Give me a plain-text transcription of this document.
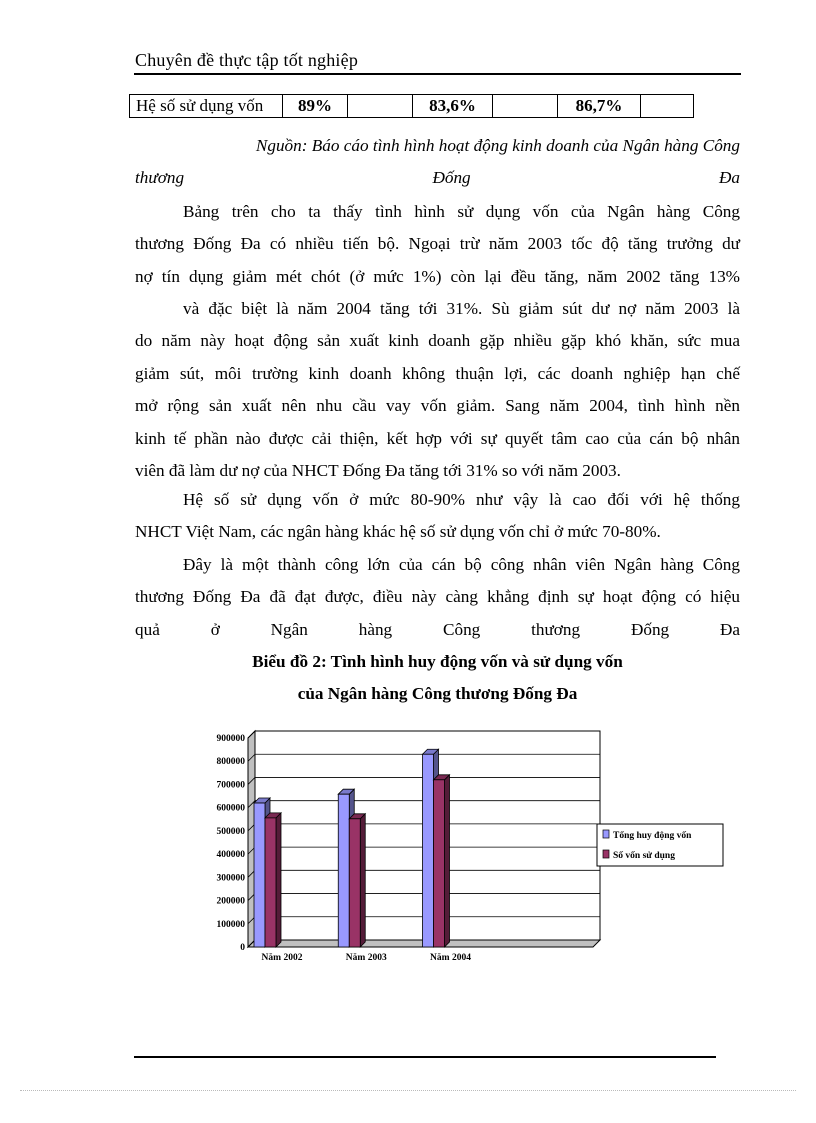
Chuyên đề thực tập tốt nghiệp
Hệ số sử dụng vốn	89%		83,6%		86,7%	
Nguồn: Báo cáo tình hình hoạt động kinh doanh của Ngân hàng Công
thương	Đống	Đa
Bảng trên cho ta thấy tình hình sử dụng vốn của Ngân hàng Công
thương Đống Đa có nhiều tiến bộ. Ngoại trừ năm 2003 tốc độ tăng trưởng dư
nợ tín dụng giảm mét chót (ở mức 1%) còn lại đều tăng, năm 2002 tăng 13%
và đặc biệt là năm 2004 tăng tới 31%. Sù giảm sút dư nợ năm 2003 là
do năm này hoạt động sản xuất kinh doanh gặp nhiều gặp khó khăn, sức mua
giảm sút, môi trường kinh doanh không thuận lợi, các doanh nghiệp hạn chế
mở rộng sản xuất nên nhu cầu vay vốn giảm. Sang năm 2004, tình hình nền
kinh tế phần nào được cải thiện, kết hợp với sự quyết tâm cao của cán bộ nhân
viên đã làm dư nợ của NHCT Đống Đa tăng tới 31% so với năm 2003.
Hệ số sử dụng vốn ở mức 80-90% như vậy là cao đối với hệ thống
NHCT Việt Nam, các ngân hàng khác hệ số sử dụng vốn chỉ ở mức 70-80%.
Đây là một thành công lớn của cán bộ công nhân viên Ngân hàng Công
thương Đống Đa đã đạt được, điều này càng khẳng định sự hoạt động có hiệu
quả	ở	Ngân	hàng	Công	thương	Đống	Đa
Biểu đồ 2: Tình hình huy động vốn và sử dụng vốn
của Ngân hàng Công thương Đống Đa
0
100000
200000
300000
400000
500000
600000
700000
800000
900000
Năm 2002	Năm 2003	Năm 2004
Tổng huy động vốn
Số vốn sử dụng
